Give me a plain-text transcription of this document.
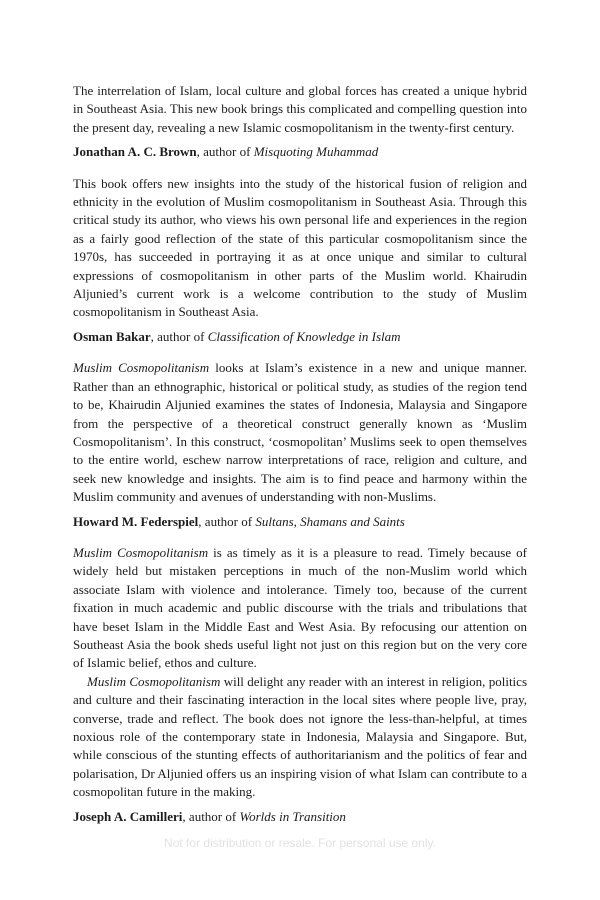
The interrelation of Islam, local culture and global forces has created a unique hybrid in Southeast Asia. This new book brings this complicated and compelling question into the present day, revealing a new Islamic cosmopolitanism in the twenty-first century.

Jonathan A. C. Brown, author of Misquoting Muhammad

This book offers new insights into the study of the historical fusion of religion and ethnicity in the evolution of Muslim cosmopolitanism in Southeast Asia. Through this critical study its author, who views his own personal life and experiences in the region as a fairly good reflection of the state of this particular cosmopolitanism since the 1970s, has succeeded in portraying it as at once unique and similar to cultural expressions of cosmopolitanism in other parts of the Muslim world. Khairudin Aljunied’s current work is a welcome contribution to the study of Muslim cosmopolitanism in Southeast Asia.

Osman Bakar, author of Classification of Knowledge in Islam

Muslim Cosmopolitanism looks at Islam’s existence in a new and unique manner. Rather than an ethnographic, historical or political study, as studies of the region tend to be, Khairudin Aljunied examines the states of Indonesia, Malaysia and Singapore from the perspective of a theoretical construct generally known as ‘Muslim Cosmopolitanism’. In this construct, ‘cosmopolitan’ Muslims seek to open themselves to the entire world, eschew narrow interpretations of race, religion and culture, and seek new knowledge and insights. The aim is to find peace and harmony within the Muslim community and avenues of understanding with non-Muslims.

Howard M. Federspiel, author of Sultans, Shamans and Saints

Muslim Cosmopolitanism is as timely as it is a pleasure to read. Timely because of widely held but mistaken perceptions in much of the non-Muslim world which associate Islam with violence and intolerance. Timely too, because of the current fixation in much academic and public discourse with the trials and tribulations that have beset Islam in the Middle East and West Asia. By refocusing our attention on Southeast Asia the book sheds useful light not just on this region but on the very core of Islamic belief, ethos and culture.

Muslim Cosmopolitanism will delight any reader with an interest in religion, politics and culture and their fascinating interaction in the local sites where people live, pray, converse, trade and reflect. The book does not ignore the less-than-helpful, at times noxious role of the contemporary state in Indonesia, Malaysia and Singapore. But, while conscious of the stunting effects of authoritarianism and the politics of fear and polarisation, Dr Aljunied offers us an inspiring vision of what Islam can contribute to a cosmopolitan future in the making.

Joseph A. Camilleri, author of Worlds in Transition

Not for distribution or resale. For personal use only.
